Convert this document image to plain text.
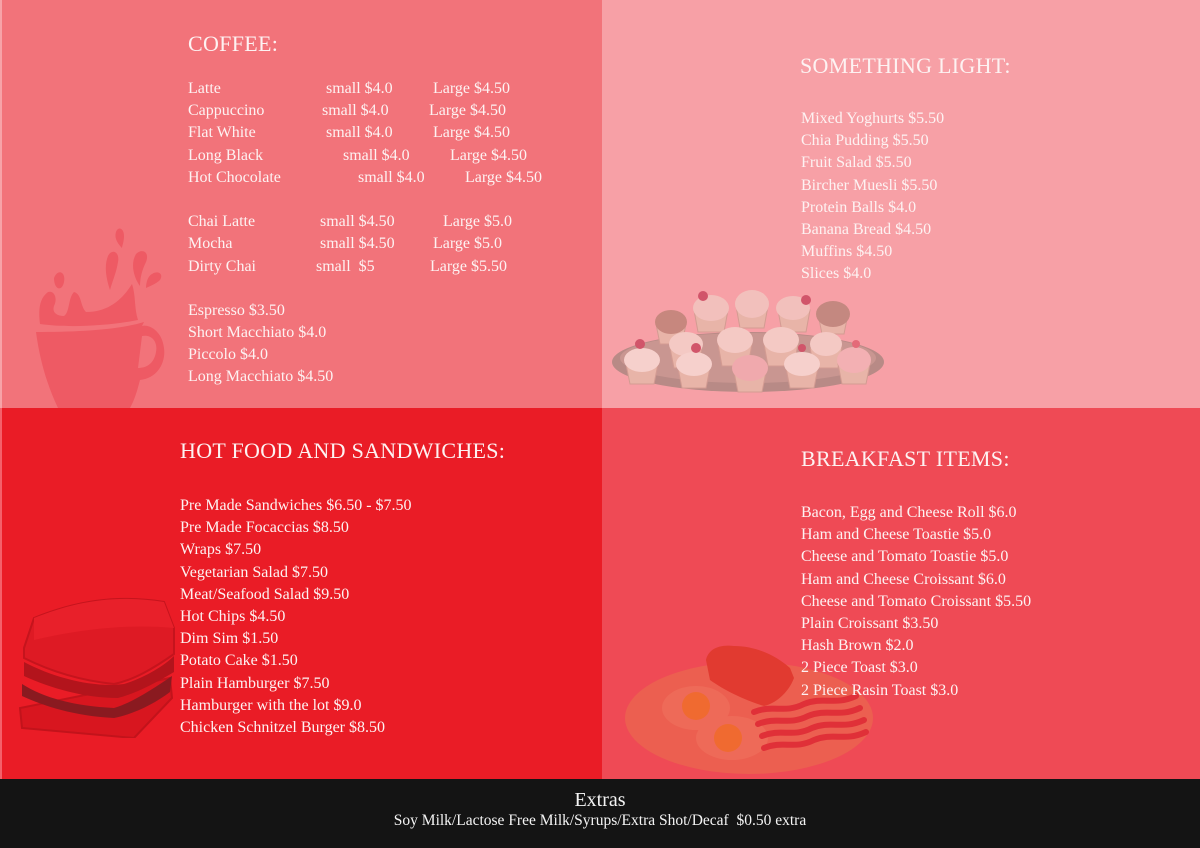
COFFEE:
Latte	small $4.0	Large $4.50
Cappuccino	small $4.0	Large $4.50
Flat White	small $4.0	Large $4.50
Long Black	small $4.0	Large $4.50
Hot Chocolate	small $4.0	Large $4.50
Chai Latte	small $4.50	Large $5.0
Mocha	small $4.50 Large $5.0
Dirty Chai	small  $5	Large $5.50
Espresso $3.50
Short Macchiato $4.0
Piccolo $4.0
Long Macchiato $4.50
SOMETHING LIGHT:
Mixed Yoghurts $5.50
Chia Pudding $5.50
Fruit Salad $5.50
Bircher Muesli $5.50
Protein Balls $4.0
Banana Bread $4.50
Muffins $4.50
Slices $4.0
HOT FOOD AND SANDWICHES:
Pre Made Sandwiches $6.50 - $7.50
Pre Made Focaccias $8.50
Wraps $7.50
Vegetarian Salad $7.50
Meat/Seafood Salad $9.50
Hot Chips $4.50
Dim Sim $1.50
Potato Cake $1.50
Plain Hamburger $7.50
Hamburger with the lot $9.0
Chicken Schnitzel Burger $8.50
BREAKFAST ITEMS:
Bacon, Egg and Cheese Roll $6.0
Ham and Cheese Toastie $5.0
Cheese and Tomato Toastie $5.0
Ham and Cheese Croissant $6.0
Cheese and Tomato Croissant $5.50
Plain Croissant $3.50
Hash Brown $2.0
2 Piece Toast $3.0
2 Piece Rasin Toast $3.0
Extras
Soy Milk/Lactose Free Milk/Syrups/Extra Shot/Decaf  $0.50 extra
